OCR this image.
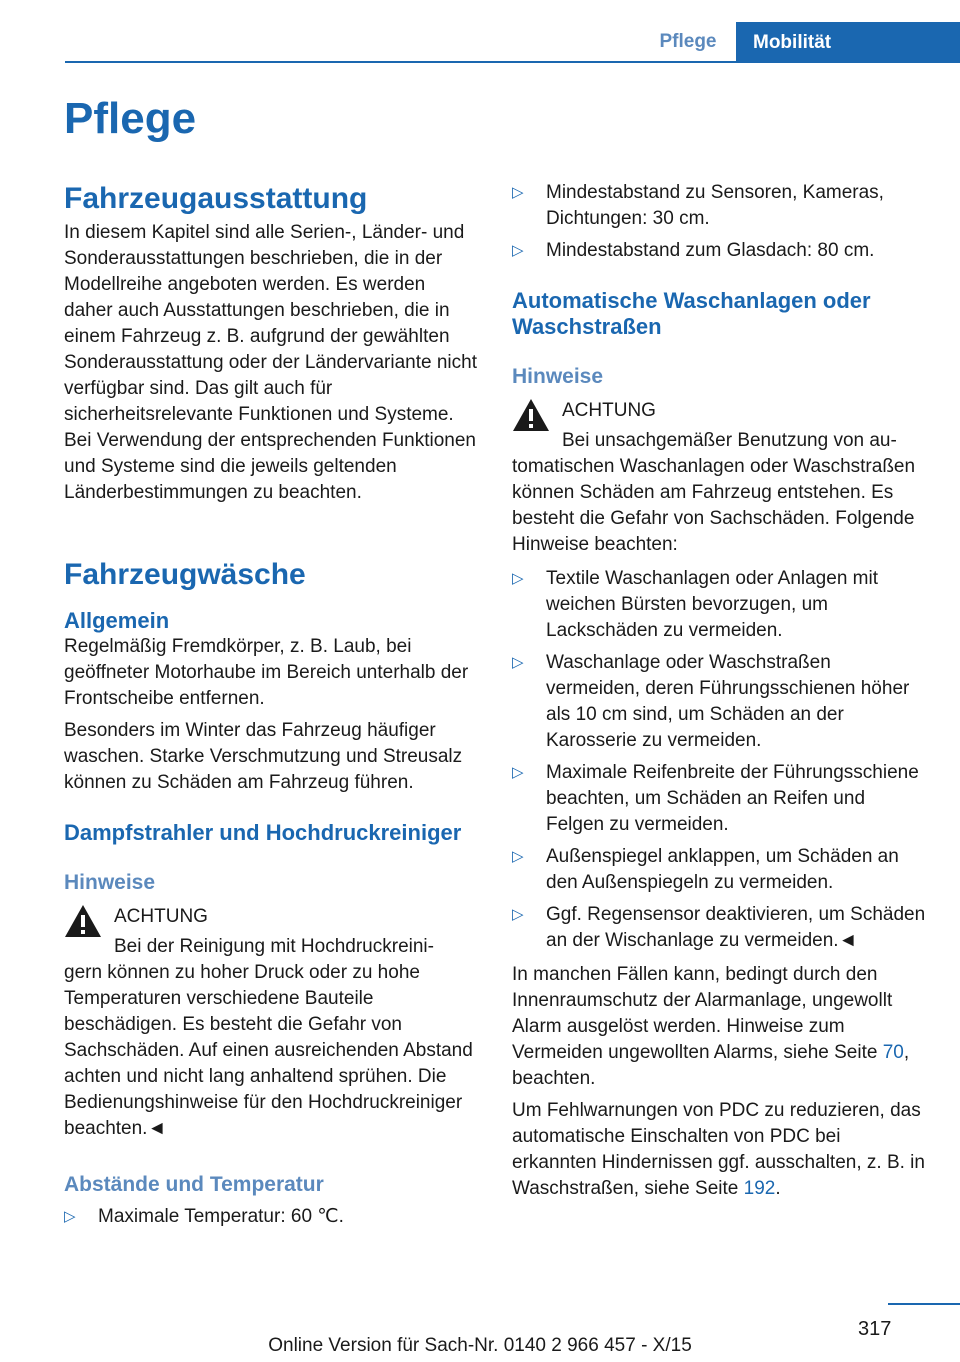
Pflege	Mobilität
Pflege
Fahrzeugausstattung

In diesem Kapitel sind alle Serien-, Länder- und Sonderausstattungen beschrieben, die in der Modellreihe angeboten werden. Es werden daher auch Ausstattungen beschrieben, die in einem Fahrzeug z. B. aufgrund der gewählten Sonderausstattung oder der Ländervariante nicht verfügbar sind. Das gilt auch für sicherheitsrelevante Funktionen und Systeme. Bei Verwendung der entsprechenden Funktionen und Systeme sind die jeweils geltenden Länderbestimmungen zu beachten.

Fahrzeugwäsche
Allgemein

Regelmäßig Fremdkörper, z. B. Laub, bei geöffneter Motorhaube im Bereich unterhalb der Frontscheibe entfernen.

Besonders im Winter das Fahrzeug häufiger waschen. Starke Verschmutzung und Streusalz können zu Schäden am Fahrzeug führen.

Dampfstrahler und Hochdruckreiniger
Hinweise
ACHTUNG
Bei der Reinigung mit Hochdruckreini-

gern können zu hoher Druck oder zu hohe Temperaturen verschiedene Bauteile beschädigen. Es besteht die Gefahr von Sachschäden. Auf einen ausreichenden Abstand achten und nicht lang anhaltend sprühen. Die Bedienungshinweise für den Hochdruckreiniger beachten.◄

Abstände und Temperatur
▷ Maximale Temperatur: 60 ℃.
▷ Mindestabstand zu Sensoren, Kameras, Dichtungen: 30 cm.
▷ Mindestabstand zum Glasdach: 80 cm.
Automatische Waschanlagen oder Waschstraßen
Hinweise
ACHTUNG
Bei unsachgemäßer Benutzung von au-

tomatischen Waschanlagen oder Waschstraßen können Schäden am Fahrzeug entstehen. Es besteht die Gefahr von Sachschäden. Folgende Hinweise beachten:

▷ Textile Waschanlagen oder Anlagen mit weichen Bürsten bevorzugen, um Lackschäden zu vermeiden.
▷ Waschanlage oder Waschstraßen vermeiden, deren Führungsschienen höher als 10 cm sind, um Schäden an der Karosserie zu vermeiden.
▷ Maximale Reifenbreite der Führungsschiene beachten, um Schäden an Reifen und Felgen zu vermeiden.
▷ Außenspiegel anklappen, um Schäden an den Außenspiegeln zu vermeiden.
▷ Ggf. Regensensor deaktivieren, um Schäden an der Wischanlage zu vermeiden.◄

In manchen Fällen kann, bedingt durch den Innenraumschutz der Alarmanlage, ungewollt Alarm ausgelöst werden. Hinweise zum Vermeiden ungewollten Alarms, siehe Seite 70, beachten.

Um Fehlwarnungen von PDC zu reduzieren, das automatische Einschalten von PDC bei erkannten Hindernissen ggf. ausschalten, z. B. in Waschstraßen, siehe Seite 192.

317
Online Version für Sach-Nr. 0140 2 966 457 - X/15
